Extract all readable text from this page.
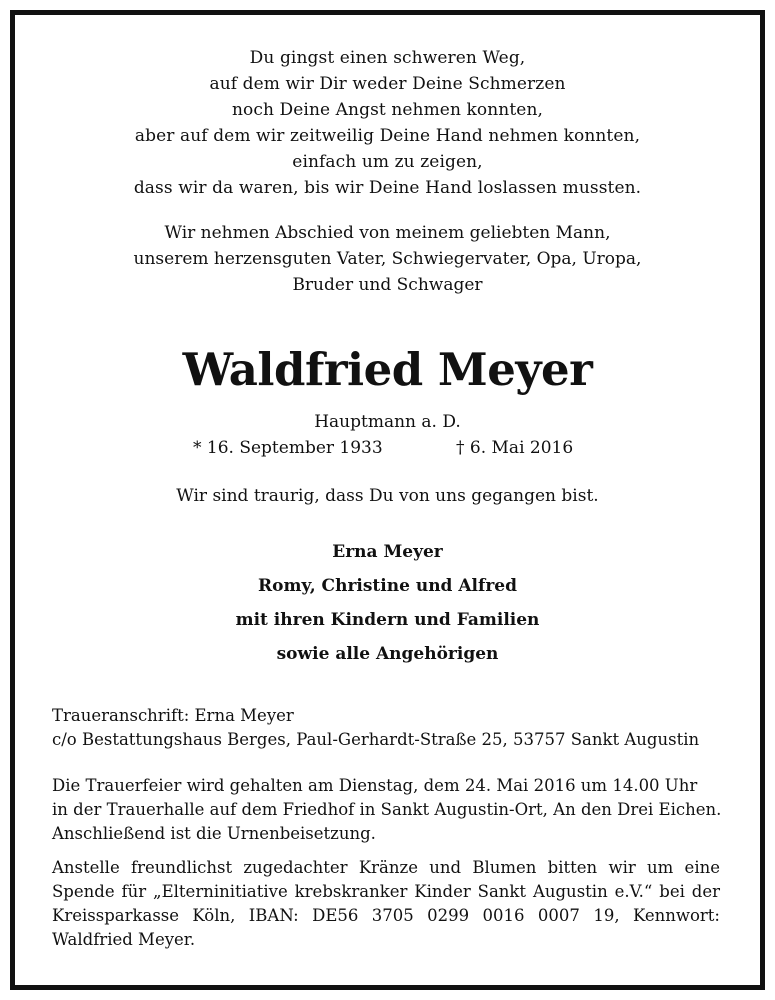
Du gingst einen schweren Weg,
auf dem wir Dir weder Deine Schmerzen
noch Deine Angst nehmen konnten,
aber auf dem wir zeitweilig Deine Hand nehmen konnten,
einfach um zu zeigen,
dass wir da waren, bis wir Deine Hand loslassen mussten.
Wir nehmen Abschied von meinem geliebten Mann,
unserem herzensguten Vater, Schwiegervater, Opa, Uropa,
Bruder und Schwager
Waldfried Meyer
Hauptmann a. D.
* 16. September 1933	† 6. Mai 2016
Wir sind traurig, dass Du von uns gegangen bist.
Erna Meyer
Romy, Christine und Alfred
mit ihren Kindern und Familien
sowie alle Angehörigen
Traueranschrift: Erna Meyer
c/o Bestattungshaus Berges, Paul-Gerhardt-Straße 25, 53757 Sankt Augustin
Die Trauerfeier wird gehalten am Dienstag, dem 24. Mai 2016 um 14.00 Uhr
in der Trauerhalle auf dem Friedhof in Sankt Augustin-Ort, An den Drei Eichen.
Anschließend ist die Urnenbeisetzung.
Anstelle freundlichst zugedachter Kränze und Blumen bitten wir um eine
Spende für „Elterninitiative krebskranker Kinder Sankt Augustin e.V.“ bei der
Kreissparkasse Köln, IBAN: DE56 3705 0299 0016 0007 19, Kennwort:
Waldfried Meyer.
